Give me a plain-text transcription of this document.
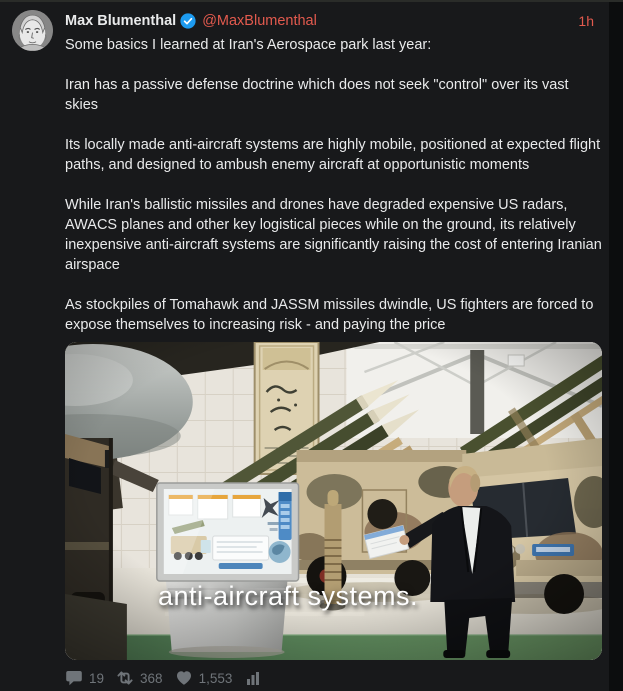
Max Blumenthal @MaxBlumenthal	1h

Some basics I learned at Iran's Aerospace park last year:

Iran has a passive defense doctrine which does not seek "control" over its vast skies

Its locally made anti-aircraft systems are highly mobile, positioned at expected flight paths, and designed to ambush enemy aircraft at opportunistic moments

While Iran's ballistic missiles and drones have degraded expensive US radars, AWACS planes and other key logistical pieces while on the ground, its relatively inexpensive anti-aircraft systems are significantly raising the cost of entering Iranian airspace

As stockpiles of Tomahawk and JASSM missiles dwindle, US fighters are forced to expose themselves to increasing risk - and paying the price

anti-aircraft systems.
19	368	1,553
